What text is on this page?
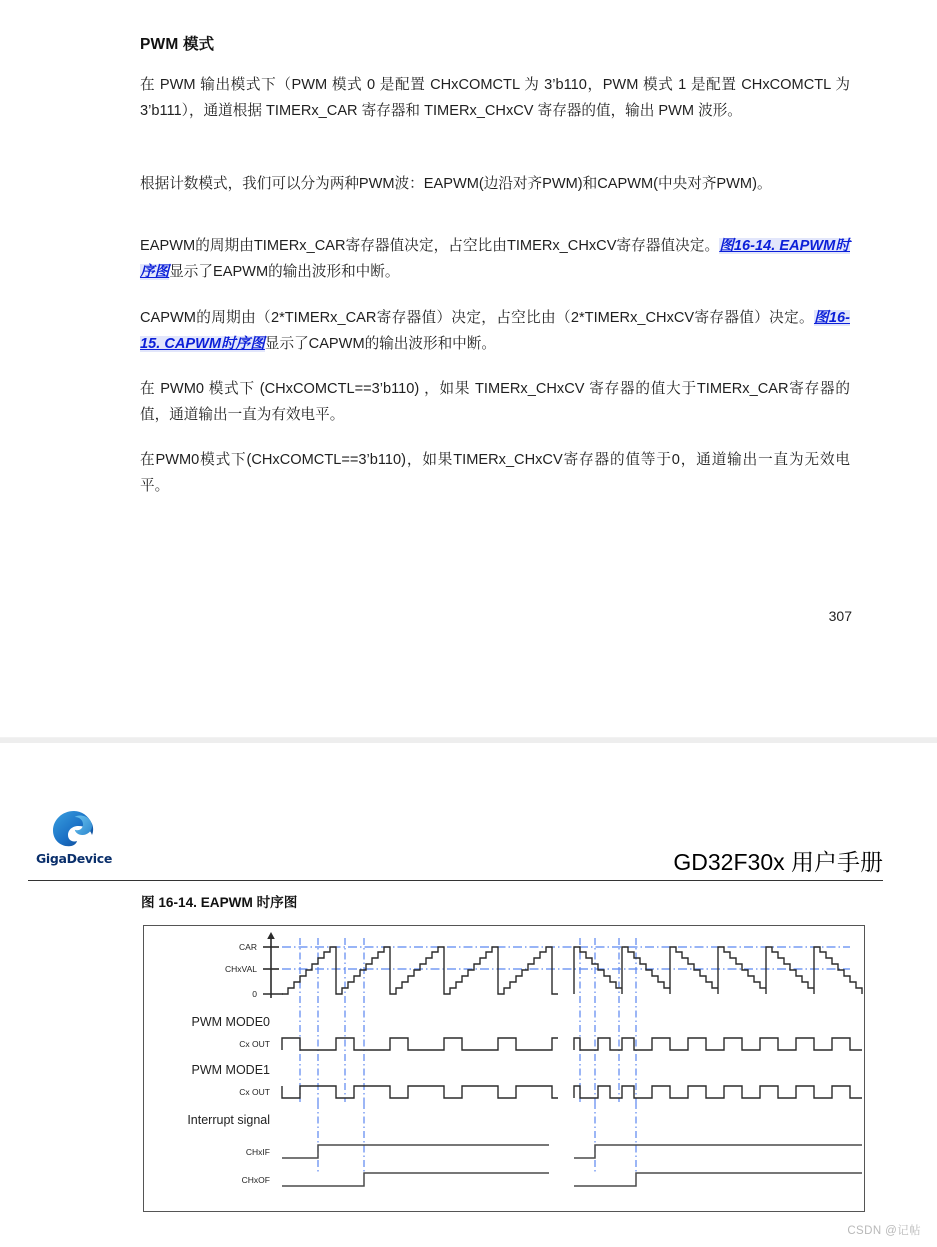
PWM 模式

在 PWM 输出模式下（PWM 模式 0 是配置 CHxCOMCTL 为 3’b110，PWM 模式 1 是配置 CHxCOMCTL 为 3’b111），通道根据 TIMERx_CAR 寄存器和 TIMERx_CHxCV 寄存器的值，输出 PWM 波形。

根据计数模式，我们可以分为两种PWM波：EAPWM(边沿对齐PWM)和CAPWM(中央对齐PWM)。

EAPWM的周期由TIMERx_CAR寄存器值决定，占空比由TIMERx_CHxCV寄存器值决定。图16-14. EAPWM时序图显示了EAPWM的输出波形和中断。

CAPWM的周期由（2*TIMERx_CAR寄存器值）决定，占空比由（2*TIMERx_CHxCV寄存器值）决定。图16-15. CAPWM时序图显示了CAPWM的输出波形和中断。

在 PWM0 模式下 (CHxCOMCTL==3’b110) ，如果 TIMERx_CHxCV 寄存器的值大于TIMERx_CAR寄存器的值，通道输出一直为有效电平。

在PWM0模式下(CHxCOMCTL==3’b110)，如果TIMERx_CHxCV寄存器的值等于0，通道输出一直为无效电平。

307
GigaDevice	GD32F30x 用户手册
图 16-14. EAPWM 时序图
CAR
CHxVAL
0
PWM MODE0
Cx OUT
PWM MODE1
Cx OUT
Interrupt signal
CHxIF
CHxOF
CSDN @记帖
